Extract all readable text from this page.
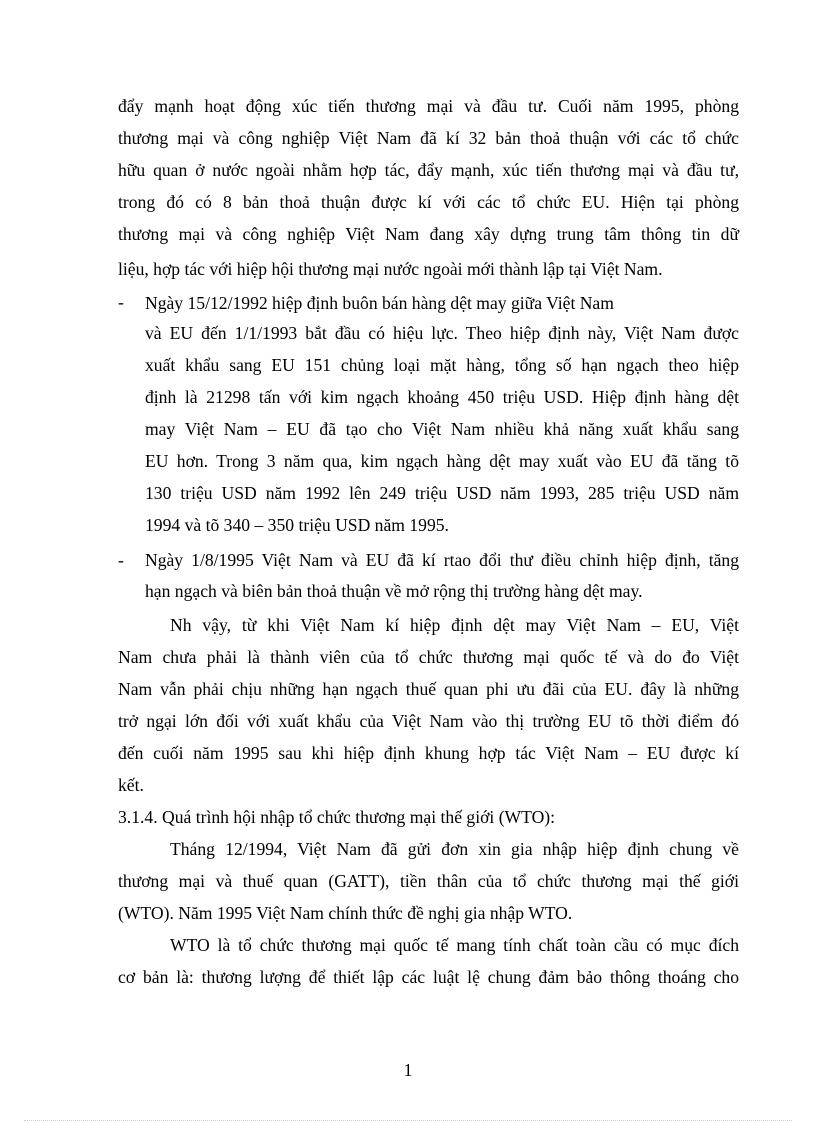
đẩy mạnh hoạt động xúc tiến thương mại và đầu tư. Cuối năm 1995, phòng
thương mại và công nghiệp Việt Nam đã kí 32 bản thoả thuận với các tổ chức
hữu quan ở nước ngoài nhằm hợp tác, đẩy mạnh, xúc tiến thương mại và đầu tư,
trong đó có 8 bản thoả thuận được kí với các tổ chức EU. Hiện tại phòng
thương mại và công nghiệp Việt Nam đang xây dựng trung tâm thông tin dữ
liệu, hợp tác với hiệp hội thương mại nước ngoài mới thành lập tại Việt Nam.
- Ngày 15/12/1992 hiệp định buôn bán hàng dệt may giữa Việt Nam
và EU đến 1/1/1993 bắt đầu có hiệu lực. Theo hiệp định này, Việt Nam được
xuất khẩu sang EU 151 chủng loại mặt hàng, tổng số hạn ngạch theo hiệp
định là 21298 tấn với kim ngạch khoảng 450 triệu USD. Hiệp định hàng dệt
may Việt Nam – EU đã tạo cho Việt Nam nhiều khả năng xuất khẩu sang
EU hơn. Trong 3 năm qua, kim ngạch hàng dệt may xuất vào EU đã tăng tõ
130 triệu USD năm 1992 lên 249 triệu USD năm 1993, 285 triệu USD năm
1994 và tõ 340 – 350 triệu USD năm 1995.
- Ngày 1/8/1995 Việt Nam và EU đã kí rtao đổi thư điều chỉnh hiệp định, tăng
hạn ngạch và biên bản thoả thuận về mở rộng thị trường hàng dệt may.
Nh vậy, từ khi Việt Nam kí hiệp định dệt may Việt Nam – EU, Việt
Nam chưa phải là thành viên của tổ chức thương mại quốc tế và do đo Việt
Nam vẫn phải chịu những hạn ngạch thuế quan phi ưu đãi của EU. đây là những
trở ngại lớn đối với xuất khẩu của Việt Nam vào thị trường EU tõ thời điểm đó
đến cuối năm 1995 sau khi hiệp định khung hợp tác Việt Nam – EU được kí
kết.
3.1.4. Quá trình hội nhập tổ chức thương mại thế giới (WTO):
Tháng 12/1994, Việt Nam đã gửi đơn xin gia nhập hiệp định chung về
thương mại và thuế quan (GATT), tiền thân của tổ chức thương mại thế giới
(WTO). Năm 1995 Việt Nam chính thức đề nghị gia nhập WTO.
WTO là tổ chức thương mại quốc tế mang tính chất toàn cầu có mục đích
cơ bản là: thương lượng để thiết lập các luật lệ chung đảm bảo thông thoáng cho
1
